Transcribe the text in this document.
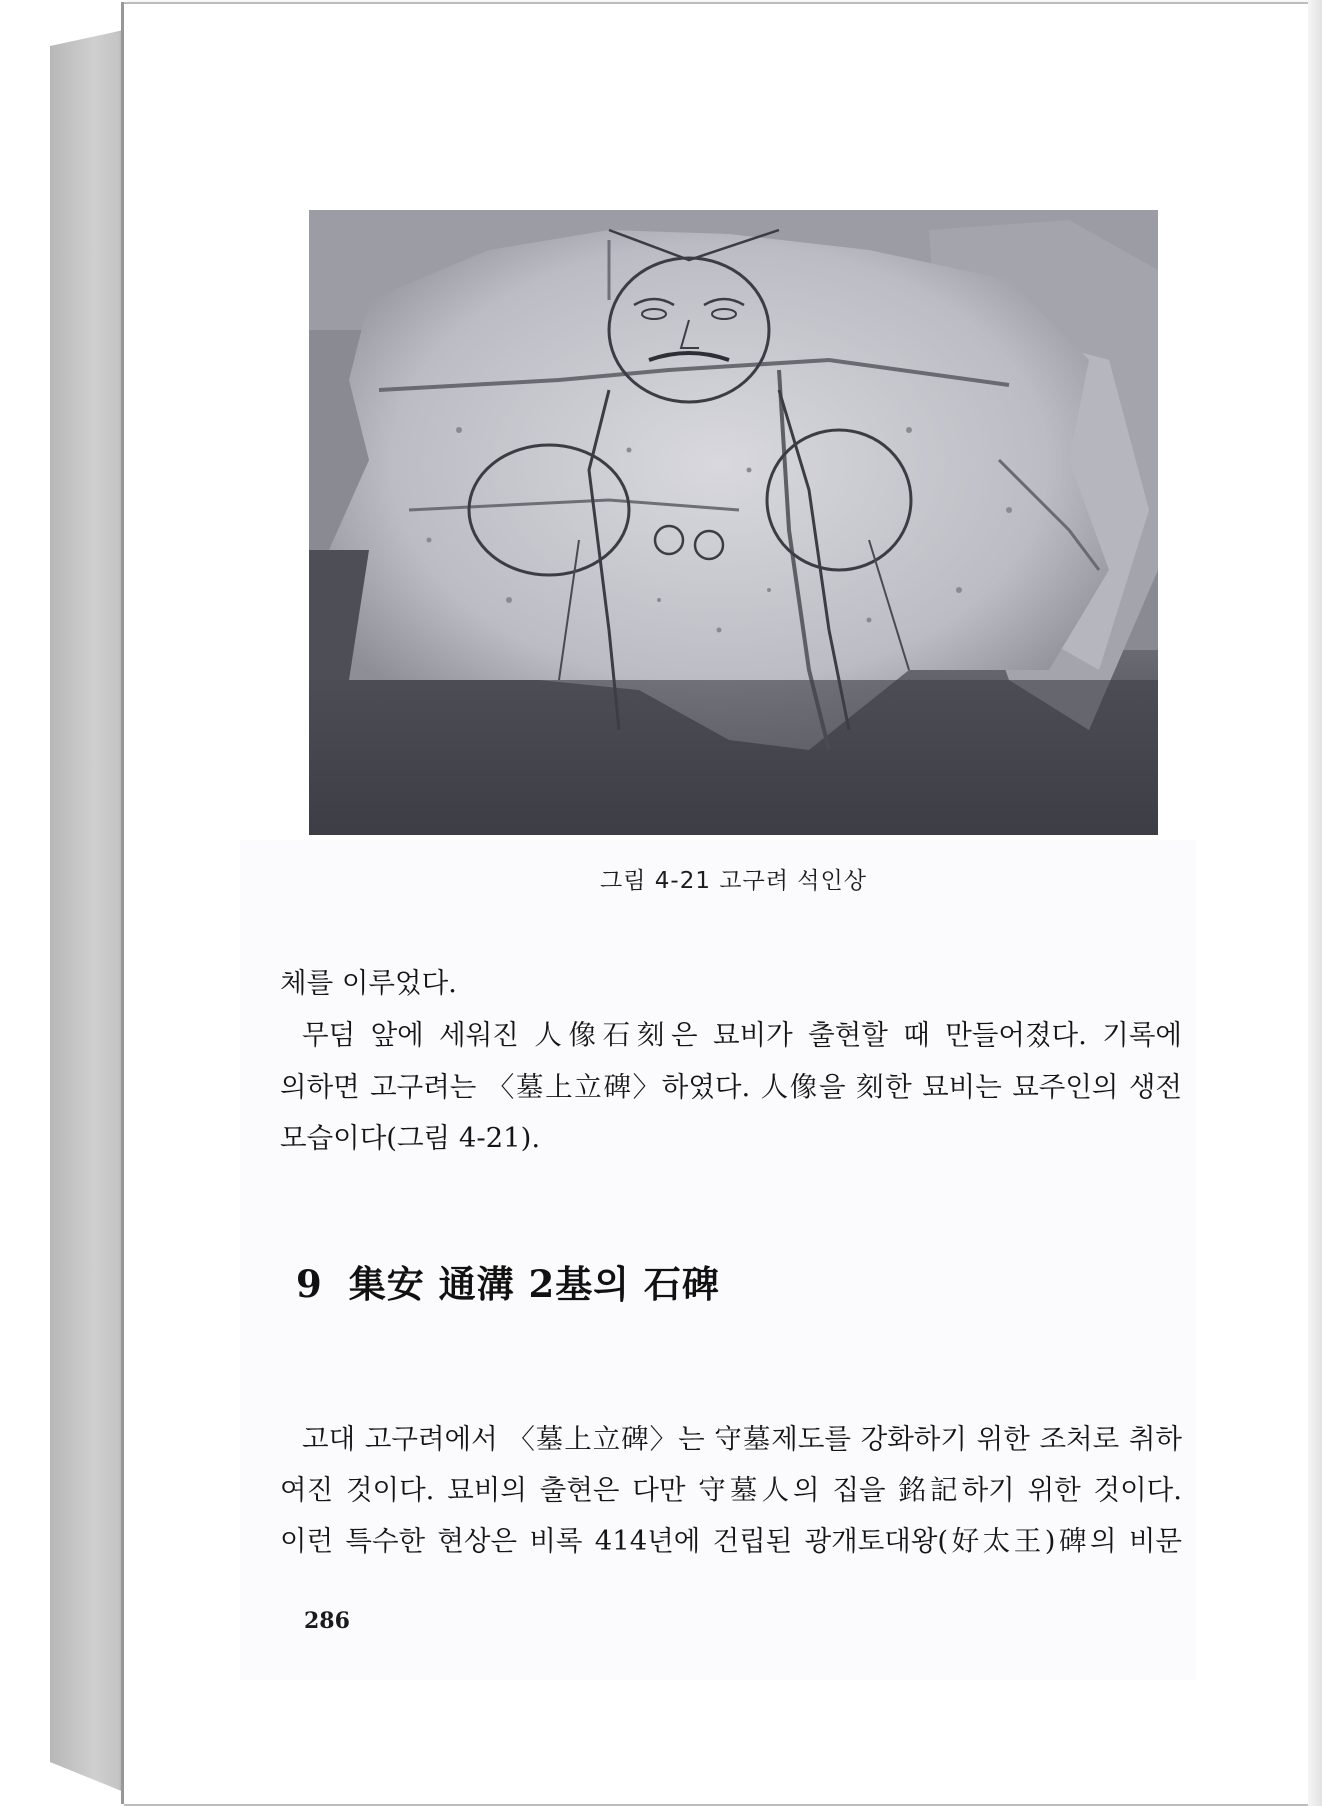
그림 4-21 고구려 석인상

체를 이루었다.

무덤 앞에 세워진 人像石刻은 묘비가 출현할 때 만들어졌다. 기록에

의하면 고구려는 〈墓上立碑〉하였다. 人像을 刻한 묘비는 묘주인의 생전

모습이다(그림 4-21).

9 集安 通溝 2基의 石碑

고대 고구려에서 〈墓上立碑〉는 守墓제도를 강화하기 위한 조처로 취하

여진 것이다. 묘비의 출현은 다만 守墓人의 집을 銘記하기 위한 것이다.

이런 특수한 현상은 비록 414년에 건립된 광개토대왕(好太王)碑의 비문

286
